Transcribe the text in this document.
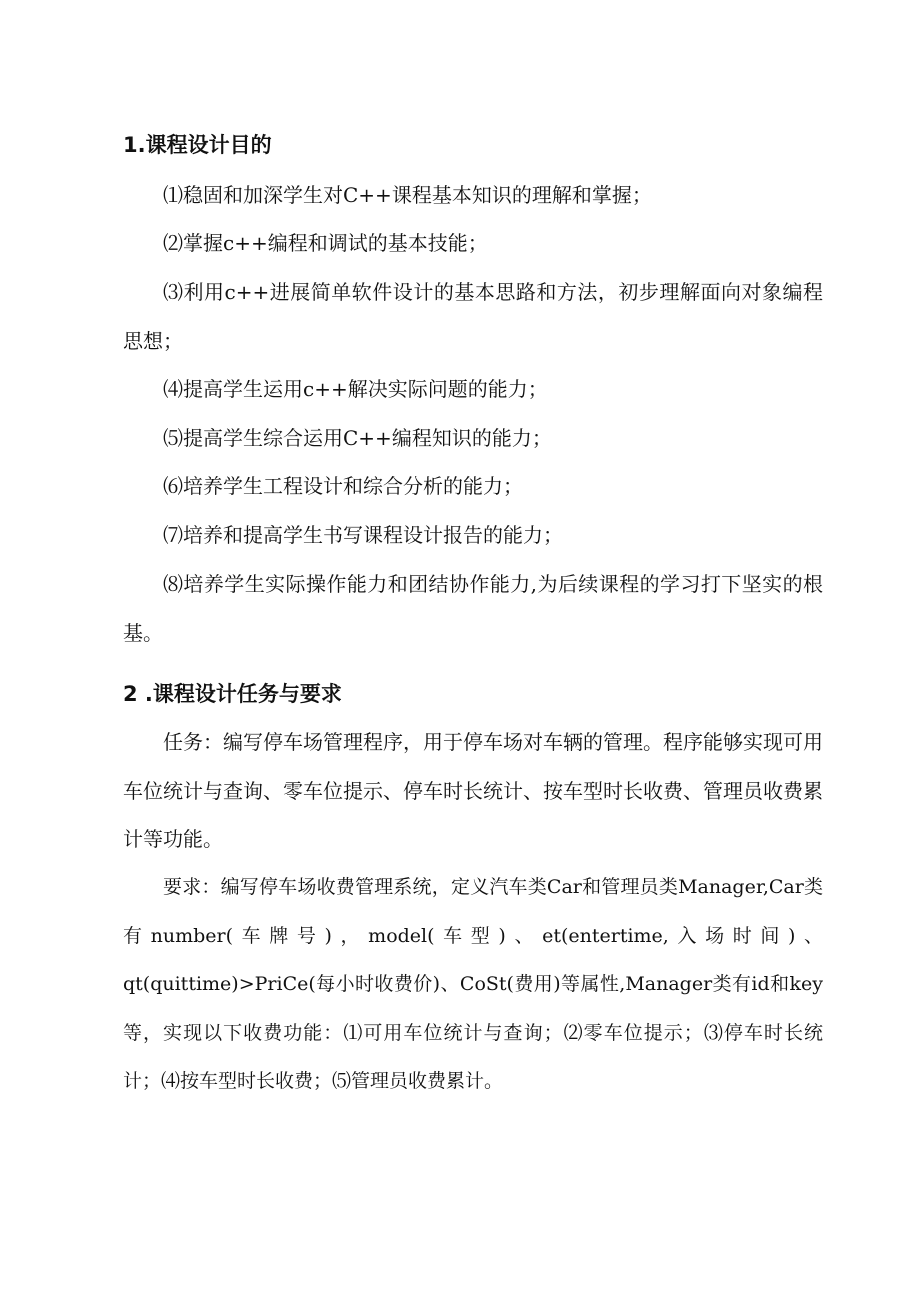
1.课程设计目的

⑴稳固和加深学生对C++课程基本知识的理解和掌握；

⑵掌握c++编程和调试的基本技能；

⑶利用c++进展简单软件设计的基本思路和方法，初步理解面向对象编程思想；

⑷提高学生运用c++解决实际问题的能力；

⑸提高学生综合运用C++编程知识的能力；

⑹培养学生工程设计和综合分析的能力；

⑺培养和提高学生书写课程设计报告的能力；

⑻培养学生实际操作能力和团结协作能力,为后续课程的学习打下坚实的根基。

2 .课程设计任务与要求

任务：编写停车场管理程序，用于停车场对车辆的管理。程序能够实现可用车位统计与查询、零车位提示、停车时长统计、按车型时长收费、管理员收费累计等功能。

要求：编写停车场收费管理系统，定义汽车类Car和管理员类Manager,Car类有number(车牌号)，model(车型)、et(entertime,入场时间)、qt(quittime)>PriCe(每小时收费价)、CoSt(费用)等属性,Manager类有id和key等，实现以下收费功能：⑴可用车位统计与查询；⑵零车位提示；⑶停车时长统计；⑷按车型时长收费；⑸管理员收费累计。
